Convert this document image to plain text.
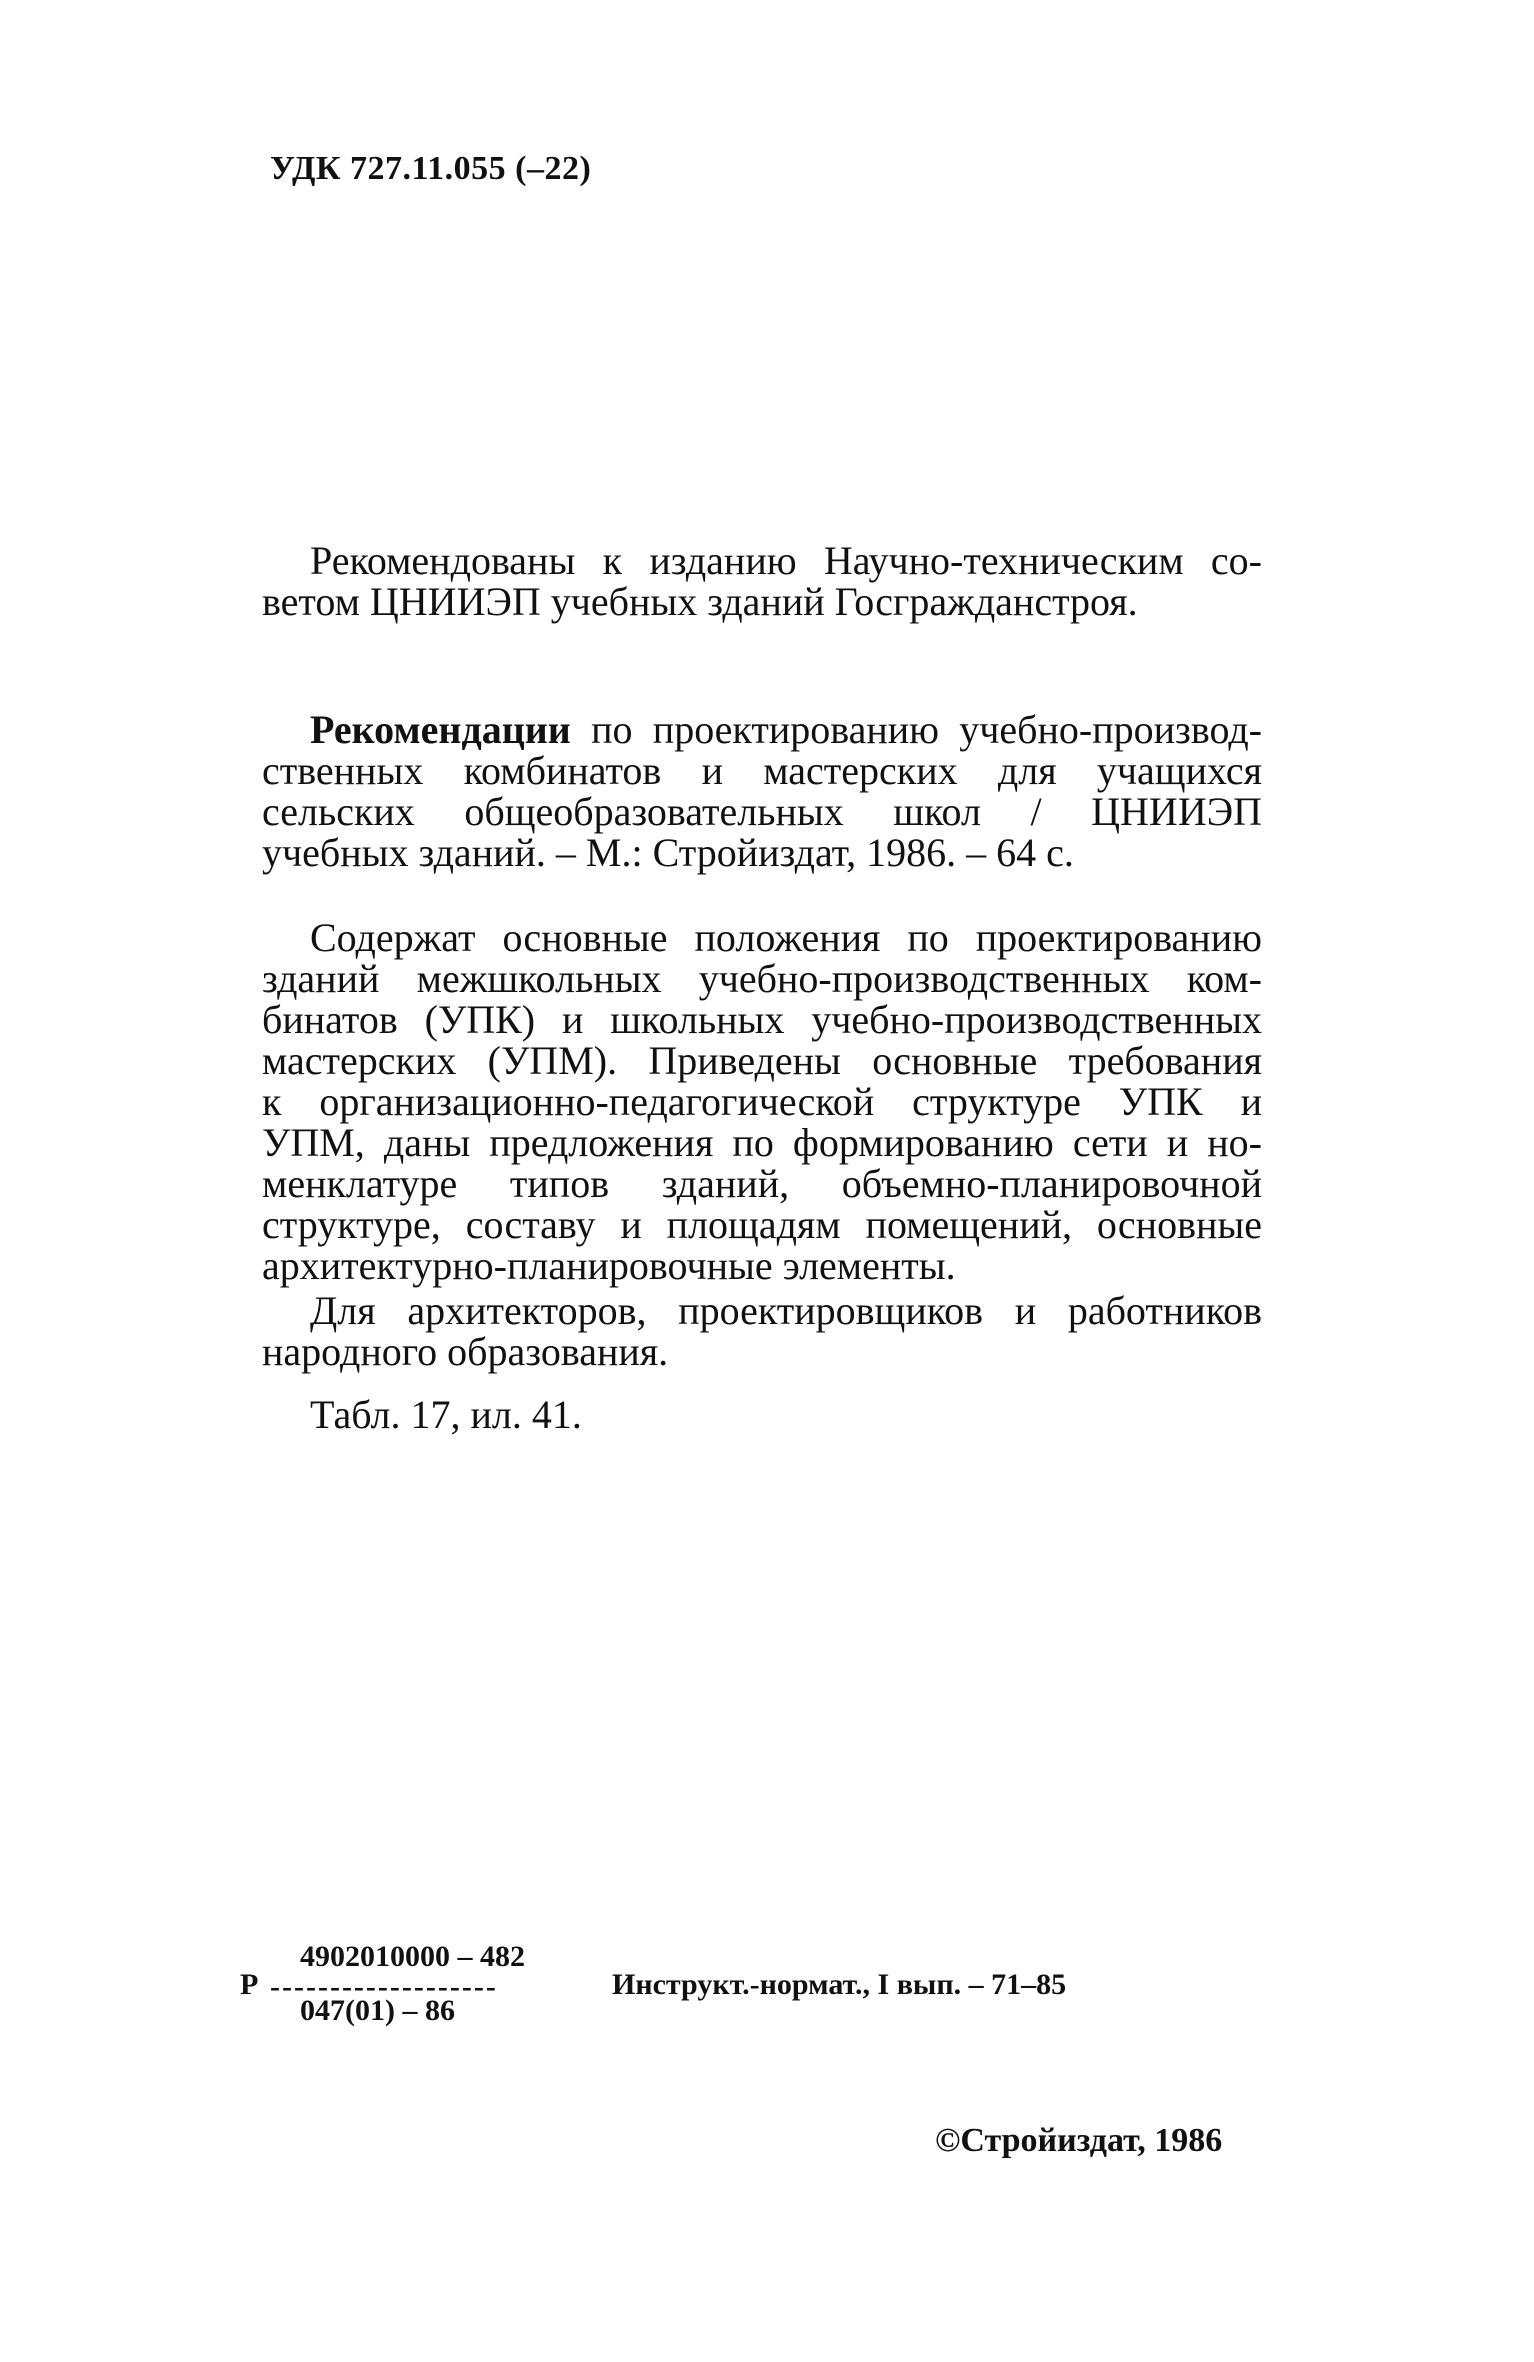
УДК 727.11.055 (–22)
Рекомендованы к изданию Научно-техническим со-
ветом ЦНИИЭП учебных зданий Госгражданстроя.
Рекомендации по проектированию учебно-производ-
ственных комбинатов и мастерских для учащихся
сельских общеобразовательных школ / ЦНИИЭП
учебных зданий. – М.: Стройиздат, 1986. – 64 с.
Содержат основные положения по проектированию
зданий межшкольных учебно-производственных ком-
бинатов (УПК) и школьных учебно-производственных
мастерских (УПМ). Приведены основные требования
к организационно-педагогической структуре УПК и
УПМ, даны предложения по формированию сети и но-
менклатуре типов зданий, объемно-планировочной
структуре, составу и площадям помещений, основные
архитектурно-планировочные элементы.
Для архитекторов, проектировщиков и работников
народного образования.
Табл. 17, ил. 41.
Р
4902010000 – 482
-------------------
047(01) – 86
Инструкт.-нормат., I вып. – 71–85
©Стройиздат, 1986
